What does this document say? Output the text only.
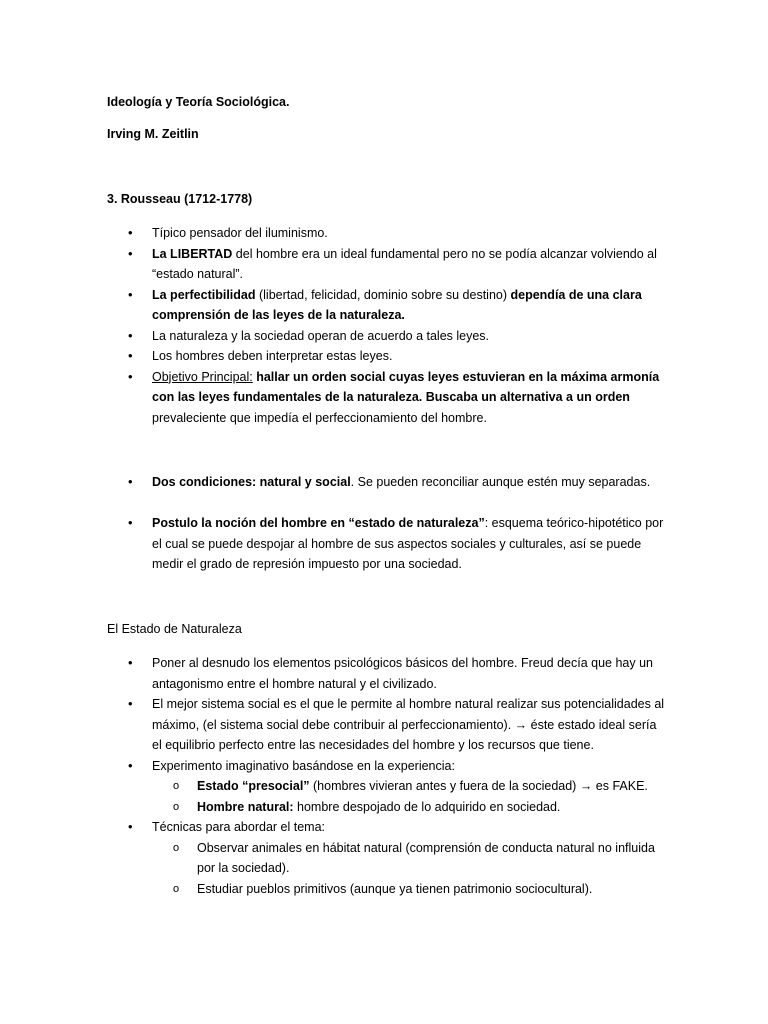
Ideología y Teoría Sociológica.
Irving M. Zeitlin
3. Rousseau (1712-1778)
• Típico pensador del iluminismo.
• La LIBERTAD del hombre era un ideal fundamental pero no se podía alcanzar volviendo al “estado natural”.
• La perfectibilidad (libertad, felicidad, dominio sobre su destino) dependía de una clara comprensión de las leyes de la naturaleza.
• La naturaleza y la sociedad operan de acuerdo a tales leyes.
• Los hombres deben interpretar estas leyes.
• Objetivo Principal: hallar un orden social cuyas leyes estuvieran en la máxima armonía con las leyes fundamentales de la naturaleza. Buscaba un alternativa a un orden prevaleciente que impedía el perfeccionamiento del hombre.
• Dos condiciones: natural y social. Se pueden reconciliar aunque estén muy separadas.
• Postulo la noción del hombre en “estado de naturaleza”: esquema teórico-hipotético por el cual se puede despojar al hombre de sus aspectos sociales y culturales, así se puede medir el grado de represión impuesto por una sociedad.
El Estado de Naturaleza
• Poner al desnudo los elementos psicológicos básicos del hombre. Freud decía que hay un antagonismo entre el hombre natural y el civilizado.
• El mejor sistema social es el que le permite al hombre natural realizar sus potencialidades al máximo, (el sistema social debe contribuir al perfeccionamiento). → éste estado ideal sería el equilibrio perfecto entre las necesidades del hombre y los recursos que tiene.
• Experimento imaginativo basándose en la experiencia:
o Estado “presocial” (hombres vivieran antes y fuera de la sociedad) → es FAKE.
o Hombre natural: hombre despojado de lo adquirido en sociedad.
• Técnicas para abordar el tema:
o Observar animales en hábitat natural (comprensión de conducta natural no influida por la sociedad).
o Estudiar pueblos primitivos (aunque ya tienen patrimonio sociocultural).
